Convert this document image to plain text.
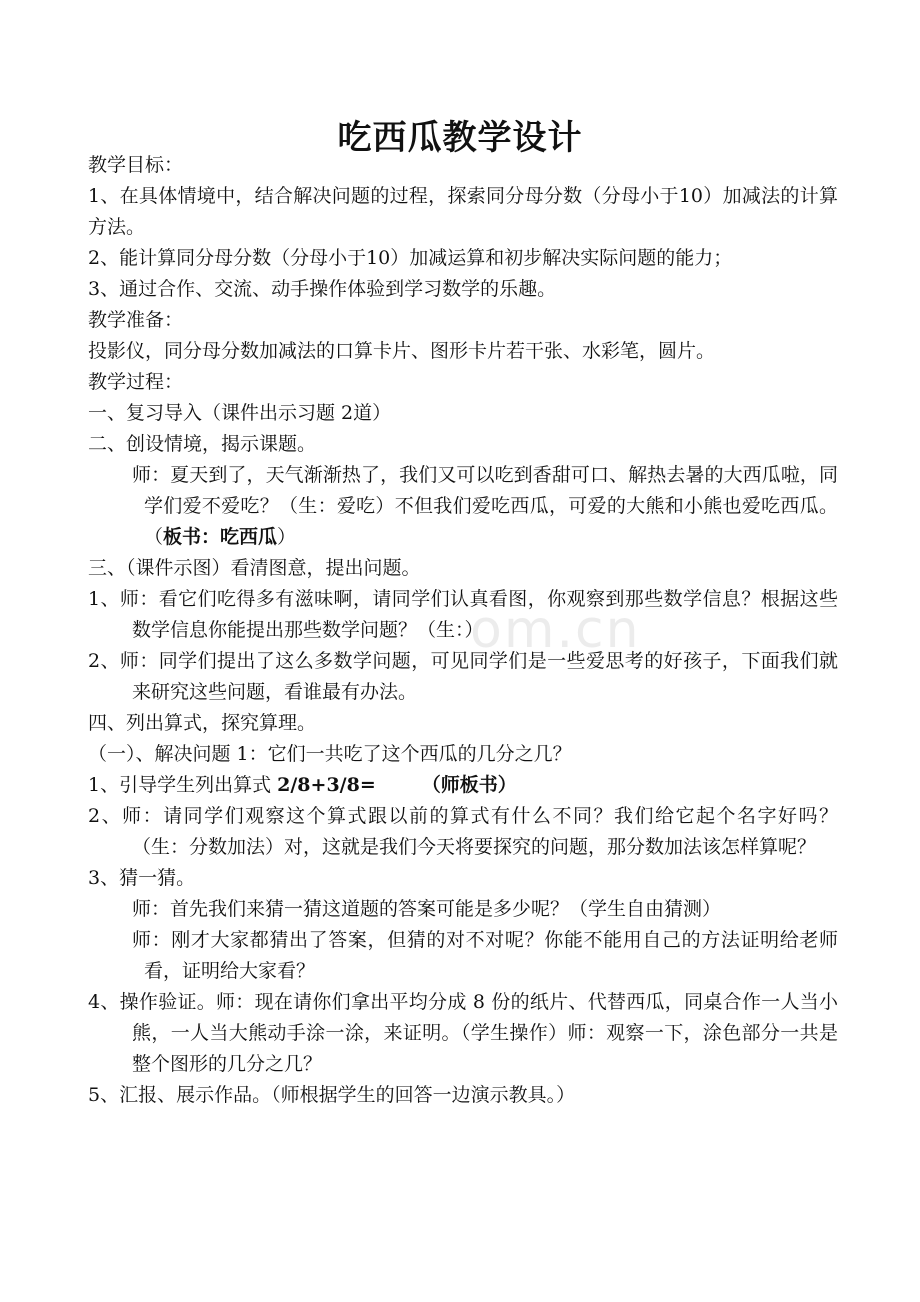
吃西瓜教学设计
om.cn

教学目标：

1、在具体情境中，结合解决问题的过程，探索同分母分数（分母小于10）加减法的计算方法。

2、能计算同分母分数（分母小于10）加减运算和初步解决实际问题的能力；

3、通过合作、交流、动手操作体验到学习数学的乐趣。

教学准备：

投影仪，同分母分数加减法的口算卡片、图形卡片若干张、水彩笔，圆片。

教学过程：

一、复习导入（课件出示习题 2道）

二、创设情境，揭示课题。

师：夏天到了，天气渐渐热了，我们又可以吃到香甜可口、解热去暑的大西瓜啦，同学们爱不爱吃？（生：爱吃）不但我们爱吃西瓜，可爱的大熊和小熊也爱吃西瓜。（板书：吃西瓜）

三、（课件示图）看清图意，提出问题。

1、师：看它们吃得多有滋味啊，请同学们认真看图，你观察到那些数学信息？根据这些数学信息你能提出那些数学问题？（生：）

2、师：同学们提出了这么多数学问题，可见同学们是一些爱思考的好孩子，下面我们就来研究这些问题，看谁最有办法。

四、列出算式，探究算理。

（一）、解决问题 1：它们一共吃了这个西瓜的几分之几？

1、引导学生列出算式 2/8+3/8= （师板书）

2、师：请同学们观察这个算式跟以前的算式有什么不同？我们给它起个名字好吗？（生：分数加法）对，这就是我们今天将要探究的问题，那分数加法该怎样算呢？

3、猜一猜。

师：首先我们来猜一猜这道题的答案可能是多少呢？（学生自由猜测）

师：刚才大家都猜出了答案，但猜的对不对呢？你能不能用自己的方法证明给老师看，证明给大家看？

4、操作验证。师：现在请你们拿出平均分成 8 份的纸片、代替西瓜，同桌合作一人当小熊，一人当大熊动手涂一涂，来证明。（学生操作）师：观察一下，涂色部分一共是整个图形的几分之几？

5、汇报、展示作品。（师根据学生的回答一边演示教具。）
